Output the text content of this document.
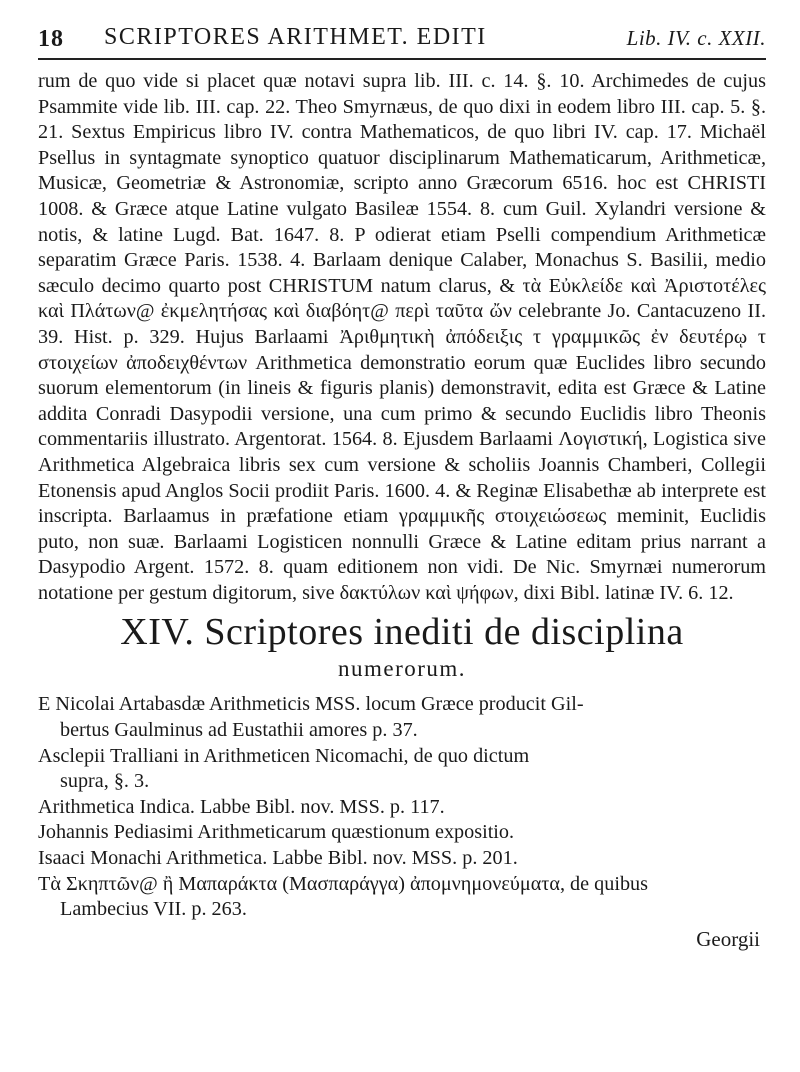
18 SCRIPTORES ARITHMET. EDITI	Lib. IV. c. XXII.

rum de quo vide si placet quæ notavi supra lib. III. c. 14. §. 10. Archimedes de cujus Psammite vide lib. III. cap. 22. Theo Smyrnæus, de quo dixi in eodem libro III. cap. 5. §. 21. Sextus Empiricus libro IV. contra Mathematicos, de quo libri IV. cap. 17. Michaël Psellus in syntagmate synoptico quatuor disciplinarum Mathematicarum, Arithmeticæ, Musicæ, Geometriæ & Astronomiæ, scripto anno Græcorum 6516. hoc est CHRISTI 1008. & Græce atque Latine vulgato Basileæ 1554. 8. cum Guil. Xylandri versione & notis, & latine Lugd. Bat. 1647. 8. P odierat etiam Pselli compendium Arithmeticæ separatim Græce Paris. 1538. 4. Barlaam denique Calaber, Monachus S. Basilii, medio sæculo decimo quarto post CHRISTUM natum clarus, & τὰ Εὐκλείδε καὶ Ἀριστοτέλες καὶ Πλάτων@ ἐκμελητήσας καὶ διαβόητ@ περὶ ταῦτα ὤν celebrante Jo. Cantacuzeno II. 39. Hist. p. 329. Hujus Barlaami Ἀριθμητικὴ ἀπόδειξις τ γραμμικῶς ἐν δευτέρῳ τ στοιχείων ἀποδειχθέντων Arithmetica demonstratio eorum quæ Euclides libro secundo suorum elementorum (in lineis & figuris planis) demonstravit, edita est Græce & Latine addita Conradi Dasypodii versione, una cum primo & secundo Euclidis libro Theonis commentariis illustrato. Argentorat. 1564. 8. Ejusdem Barlaami Λογιστική, Logistica sive Arithmetica Algebraica libris sex cum versione & scholiis Joannis Chamberi, Collegii Etonensis apud Anglos Socii prodiit Paris. 1600. 4. & Reginæ Elisabethæ ab interprete est inscripta. Barlaamus in præfatione etiam γραμμικῆς στοιχειώσεως meminit, Euclidis puto, non suæ. Barlaami Logisticen nonnulli Græce & Latine editam prius narrant a Dasypodio Argent. 1572. 8. quam editionem non vidi. De Nic. Smyrnæi numerorum notatione per gestum digitorum, sive δακτύλων καὶ ψήφων, dixi Bibl. latinæ IV. 6. 12.

XIV. Scriptores inediti de disciplina
numerorum.

E Nicolai Artabasdæ Arithmeticis MSS. locum Græce producit Gil-
bertus Gaulminus ad Eustathii amores p. 37.

Asclepii Tralliani in Arithmeticen Nicomachi, de quo dictum
supra, §. 3.

Arithmetica Indica. Labbe Bibl. nov. MSS. p. 117.

Johannis Pediasimi Arithmeticarum quæstionum expositio.

Isaaci Monachi Arithmetica. Labbe Bibl. nov. MSS. p. 201.

Τὰ Σκηπτῶν@ ἢ Μαπαράκτα (Μασπαράγγα) ἀπομνημονεύματα, de quibus
Lambecius VII. p. 263.

Georgii
